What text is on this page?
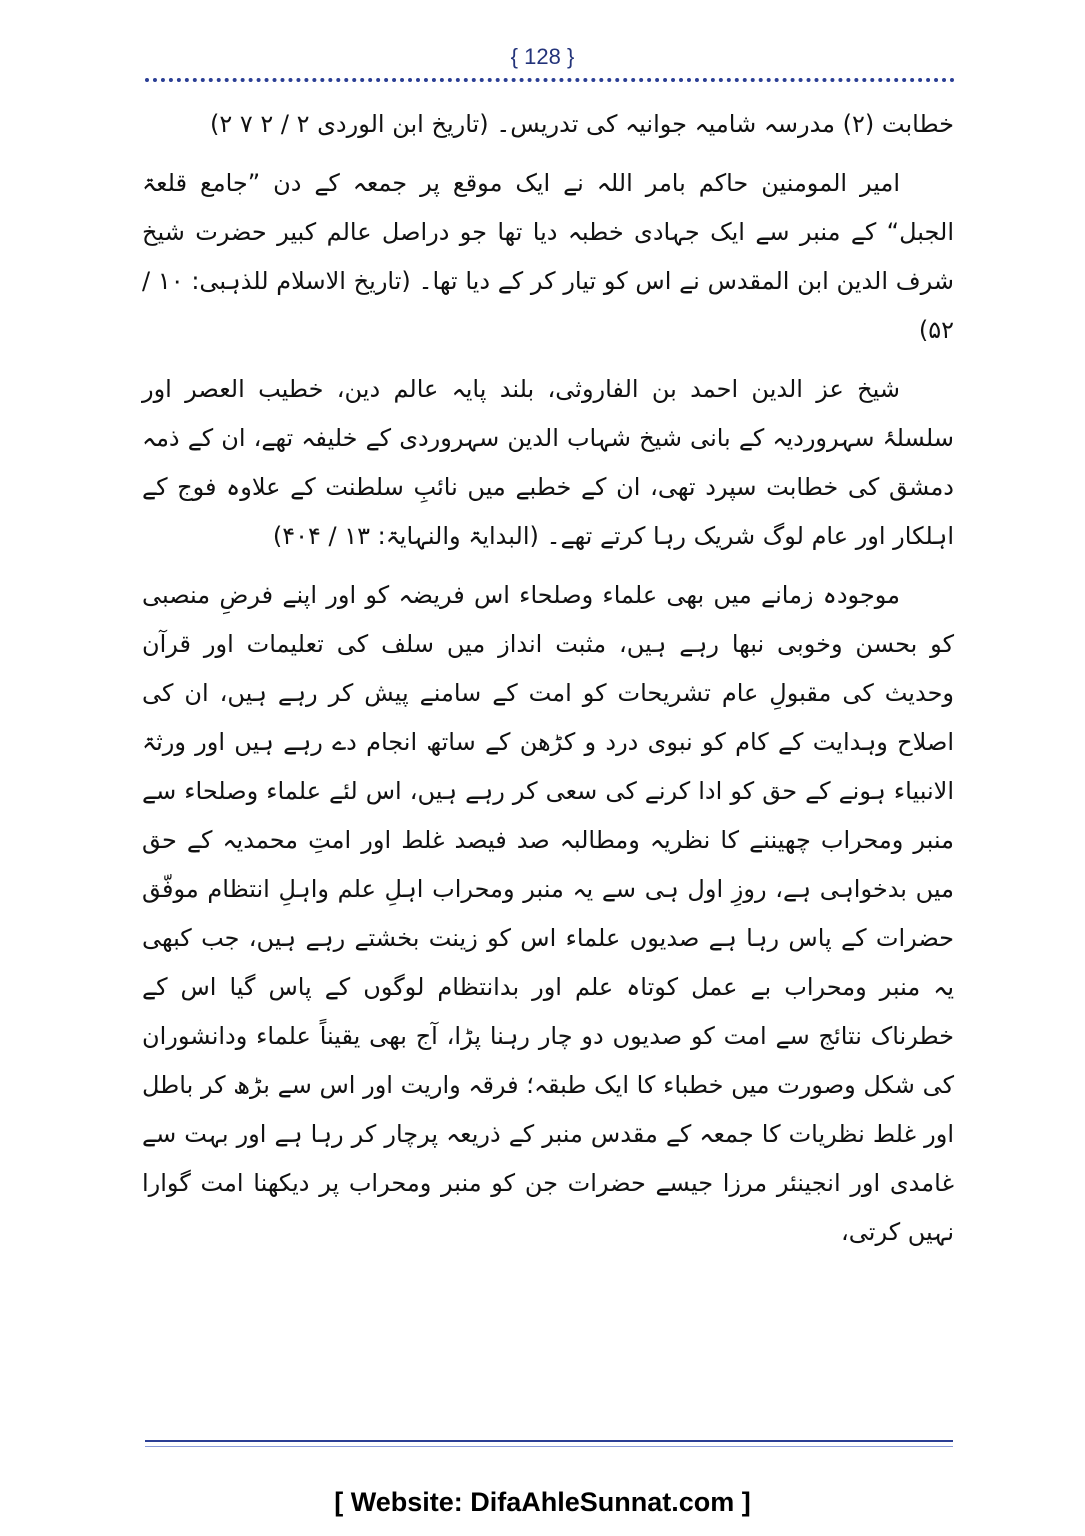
{ 128 }

خطابت (۲) مدرسہ شامیہ جوانیہ کی تدریس۔ (تاریخ ابن الوردی ۲ / ۲ ۷ ۲)

امیر المومنین حاکم بامر اللہ نے ایک موقع پر جمعہ کے دن ”جامع قلعۃ الجبل“ کے منبر سے ایک جہادی خطبہ دیا تھا جو دراصل عالم کبیر حضرت شیخ شرف الدین ابن المقدس نے اس کو تیار کر کے دیا تھا۔ (تاریخ الاسلام للذہبی: ۱۰ / ۵۲)

شیخ عز الدین احمد بن الفاروثی، بلند پایہ عالم دین، خطیب العصر اور سلسلۂ سہروردیہ کے بانی شیخ شہاب الدین سہروردی کے خلیفہ تھے، ان کے ذمہ دمشق کی خطابت سپرد تھی، ان کے خطبے میں نائبِ سلطنت کے علاوہ فوج کے اہلکار اور عام لوگ شریک رہا کرتے تھے۔ (البدایۃ والنہایۃ: ۱۳ / ۴۰۴)

موجودہ زمانے میں بھی علماء وصلحاء اس فریضہ کو اور اپنے فرضِ منصبی کو بحسن وخوبی نبھا رہے ہیں، مثبت انداز میں سلف کی تعلیمات اور قرآن وحدیث کی مقبولِ عام تشریحات کو امت کے سامنے پیش کر رہے ہیں، ان کی اصلاح وہدایت کے کام کو نبوی درد و کڑھن کے ساتھ انجام دے رہے ہیں اور ورثۃ الانبیاء ہونے کے حق کو ادا کرنے کی سعی کر رہے ہیں، اس لئے علماء وصلحاء سے منبر ومحراب چھیننے کا نظریہ ومطالبہ صد فیصد غلط اور امتِ محمدیہ کے حق میں بدخواہی ہے، روزِ اول ہی سے یہ منبر ومحراب اہلِ علم واہلِ انتظام موفّق حضرات کے پاس رہا ہے صدیوں علماء اس کو زینت بخشتے رہے ہیں، جب کبھی یہ منبر ومحراب بے عمل کوتاہ علم اور بدانتظام لوگوں کے پاس گیا اس کے خطرناک نتائج سے امت کو صدیوں دو چار رہنا پڑا، آج بھی یقیناً علماء ودانشوران کی شکل وصورت میں خطباء کا ایک طبقہ؛ فرقہ واریت اور اس سے بڑھ کر باطل اور غلط نظریات کا جمعہ کے مقدس منبر کے ذریعہ پرچار کر رہا ہے اور بہت سے غامدی اور انجینئر مرزا جیسے حضرات جن کو منبر ومحراب پر دیکھنا امت گوارا نہیں کرتی،

[ Website: DifaAhleSunnat.com ]
